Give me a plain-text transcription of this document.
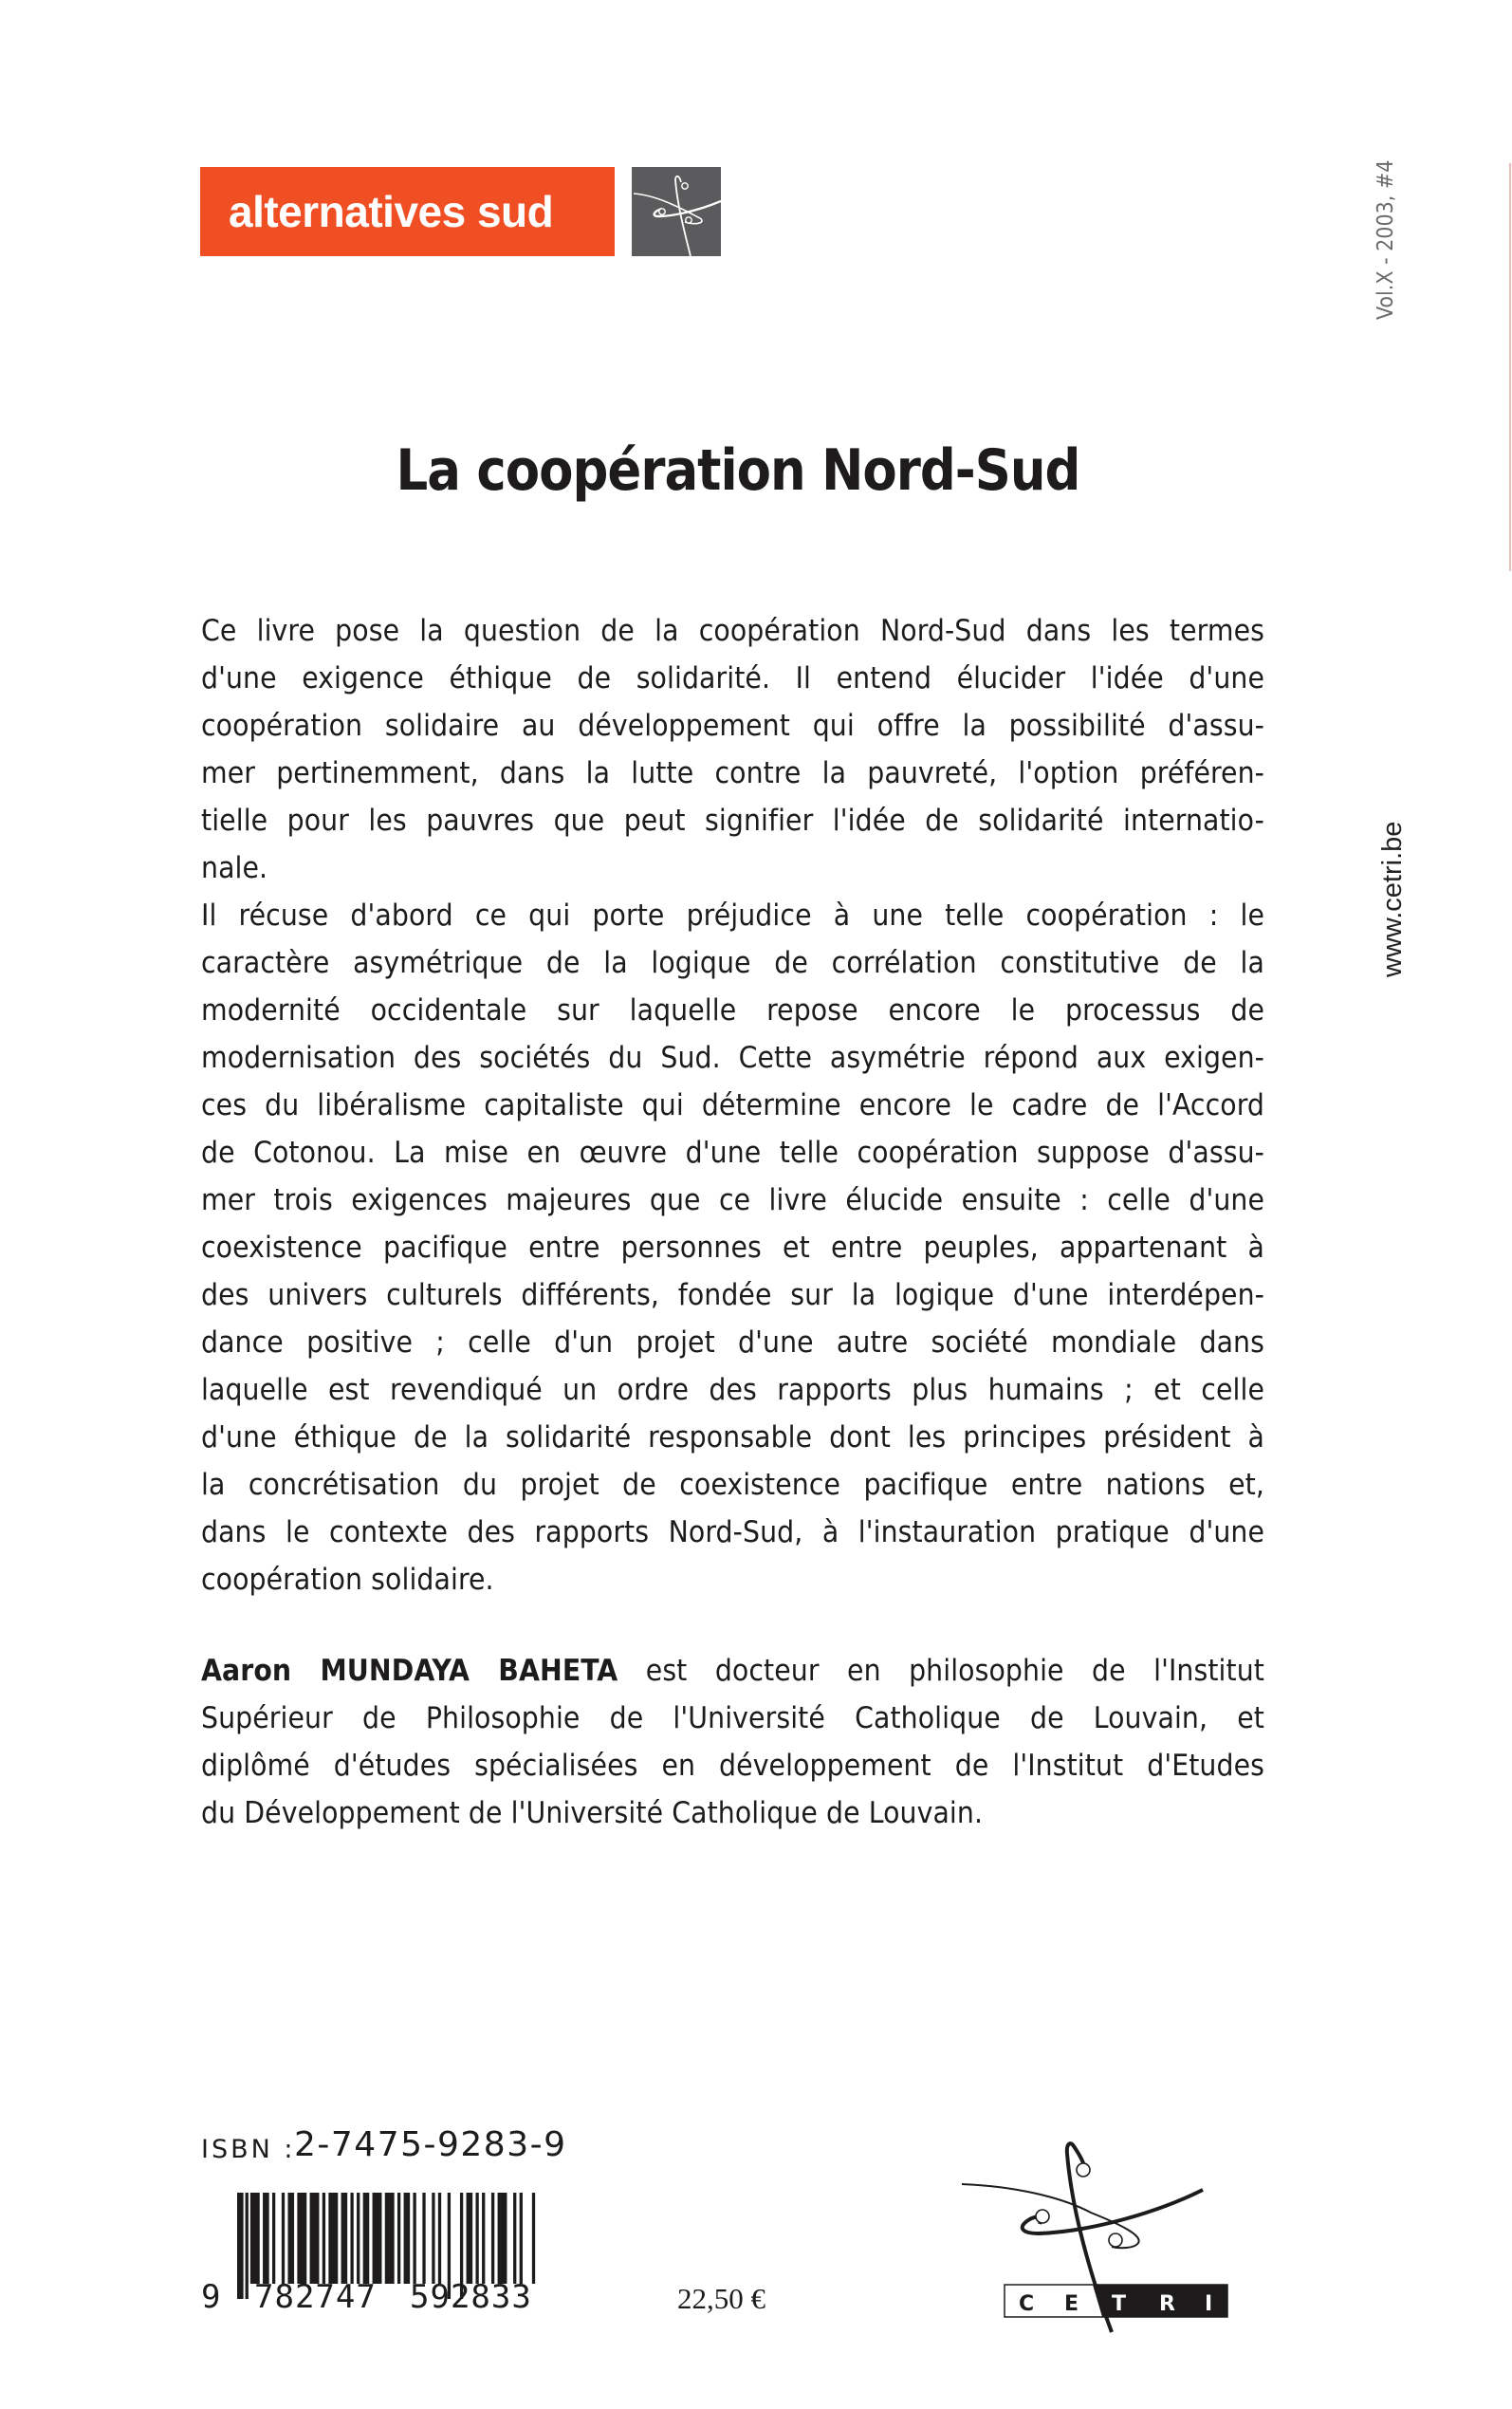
alternatives sud	Vol.X - 2003, #4
www.cetri.be
La coopération Nord-Sud
Ce livre pose la question de la coopération Nord-Sud dans les termes
d'une exigence éthique de solidarité. Il entend élucider l'idée d'une
coopération solidaire au développement qui offre la possibilité d'assu-
mer pertinemment, dans la lutte contre la pauvreté, l'option préféren-
tielle pour les pauvres que peut signifier l'idée de solidarité internatio-
nale.
Il récuse d'abord ce qui porte préjudice à une telle coopération : le
caractère asymétrique de la logique de corrélation constitutive de la
modernité occidentale sur laquelle repose encore le processus de
modernisation des sociétés du Sud. Cette asymétrie répond aux exigen-
ces du libéralisme capitaliste qui détermine encore le cadre de l'Accord
de Cotonou. La mise en œuvre d'une telle coopération suppose d'assu-
mer trois exigences majeures que ce livre élucide ensuite : celle d'une
coexistence pacifique entre personnes et entre peuples, appartenant à
des univers culturels différents, fondée sur la logique d'une interdépen-
dance positive ; celle d'un projet d'une autre société mondiale dans
laquelle est revendiqué un ordre des rapports plus humains ; et celle
d'une éthique de la solidarité responsable dont les principes président à
la concrétisation du projet de coexistence pacifique entre nations et,
dans le contexte des rapports Nord-Sud, à l'instauration pratique d'une
coopération solidaire.
Aaron MUNDAYA BAHETA est docteur en philosophie de l'Institut
Supérieur de Philosophie de l'Université Catholique de Louvain, et
diplômé d'études spécialisées en développement de l'Institut d'Etudes
du Développement de l'Université Catholique de Louvain.
ISBN :
2-7475-9283-9
9 782747 592833	22,50 €	C E T R I
